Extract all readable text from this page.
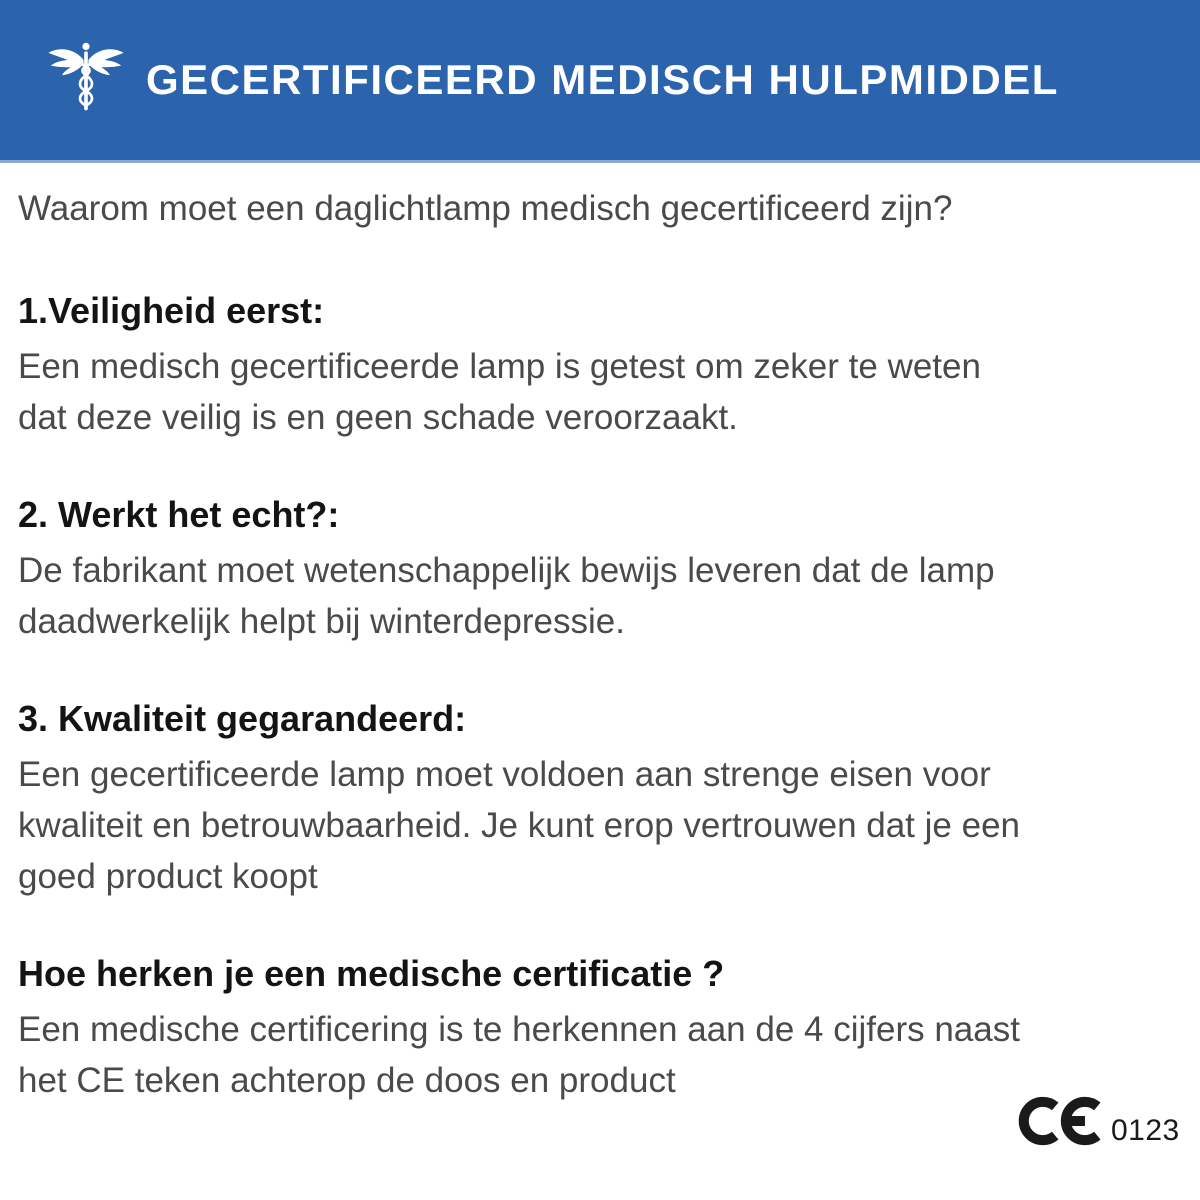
GECERTIFICEERD MEDISCH HULPMIDDEL

Waarom moet een daglichtlamp medisch gecertificeerd zijn?

1.Veiligheid eerst:
Een medisch gecertificeerde lamp is getest om zeker te weten
dat deze veilig is en geen schade veroorzaakt.
2. Werkt het echt?:
De fabrikant moet wetenschappelijk bewijs leveren dat de lamp
daadwerkelijk helpt bij winterdepressie.
3. Kwaliteit gegarandeerd:
Een gecertificeerde lamp moet voldoen aan strenge eisen voor
kwaliteit en betrouwbaarheid. Je kunt erop vertrouwen dat je een
goed product koopt
Hoe herken je een medische certificatie ?
Een medische certificering is te herkennen aan de 4 cijfers naast
het CE teken achterop de doos en product
0123
